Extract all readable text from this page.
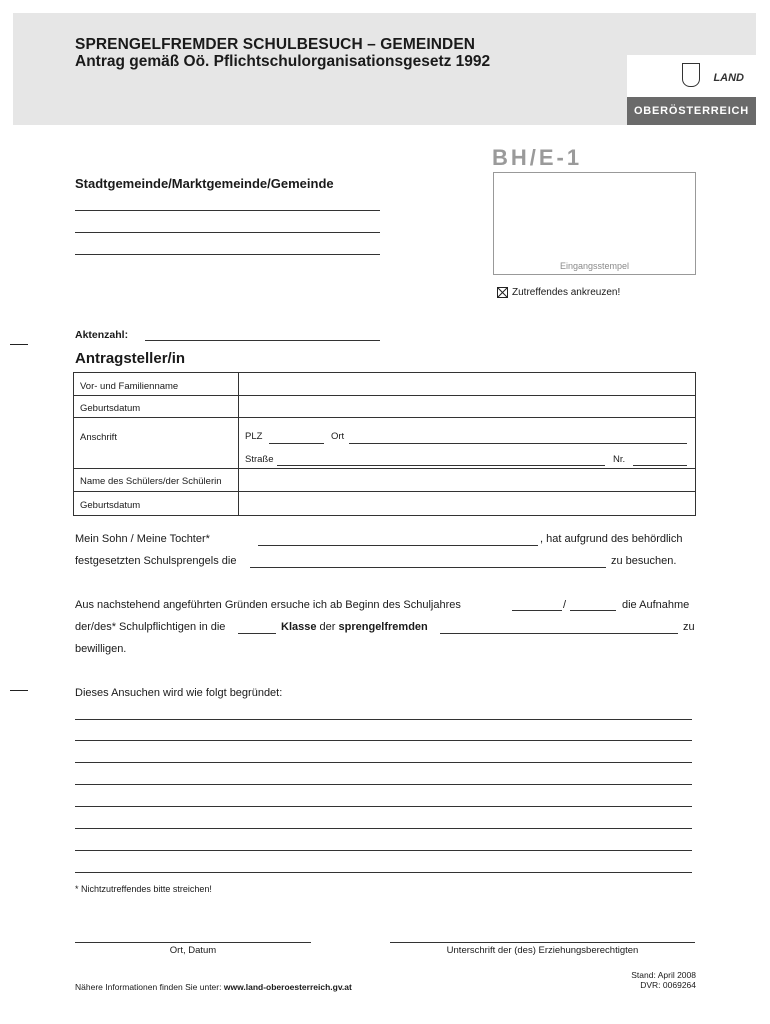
SPRENGELFREMDER SCHULBESUCH – GEMEINDEN
Antrag gemäß Oö. Pflichtschulorganisationsgesetz 1992
LAND
OBERÖSTERREICH
BH/E-1
Eingangsstempel
Zutreffendes ankreuzen!
Stadtgemeinde/Marktgemeinde/Gemeinde
Aktenzahl:
Antragsteller/in
Vor- und Familienname
Geburtsdatum
Anschrift	PLZ	Ort
Straße	Nr.
Name des Schülers/der Schülerin
Geburtsdatum
Mein Sohn / Meine Tochter*	, hat aufgrund des behördlich
festgesetzten Schulsprengels die	zu besuchen.
Aus nachstehend angeführten Gründen ersuche ich ab Beginn des Schuljahres	/	die Aufnahme
der/des* Schulpflichtigen in die	Klasse der sprengelfremden	zu
bewilligen.
Dieses Ansuchen wird wie folgt begründet:
* Nichtzutreffendes bitte streichen!
Ort, Datum	Unterschrift der (des) Erziehungsberechtigten
Nähere Informationen finden Sie unter: www.land-oberoesterreich.gv.at
Stand: April 2008
DVR: 0069264
